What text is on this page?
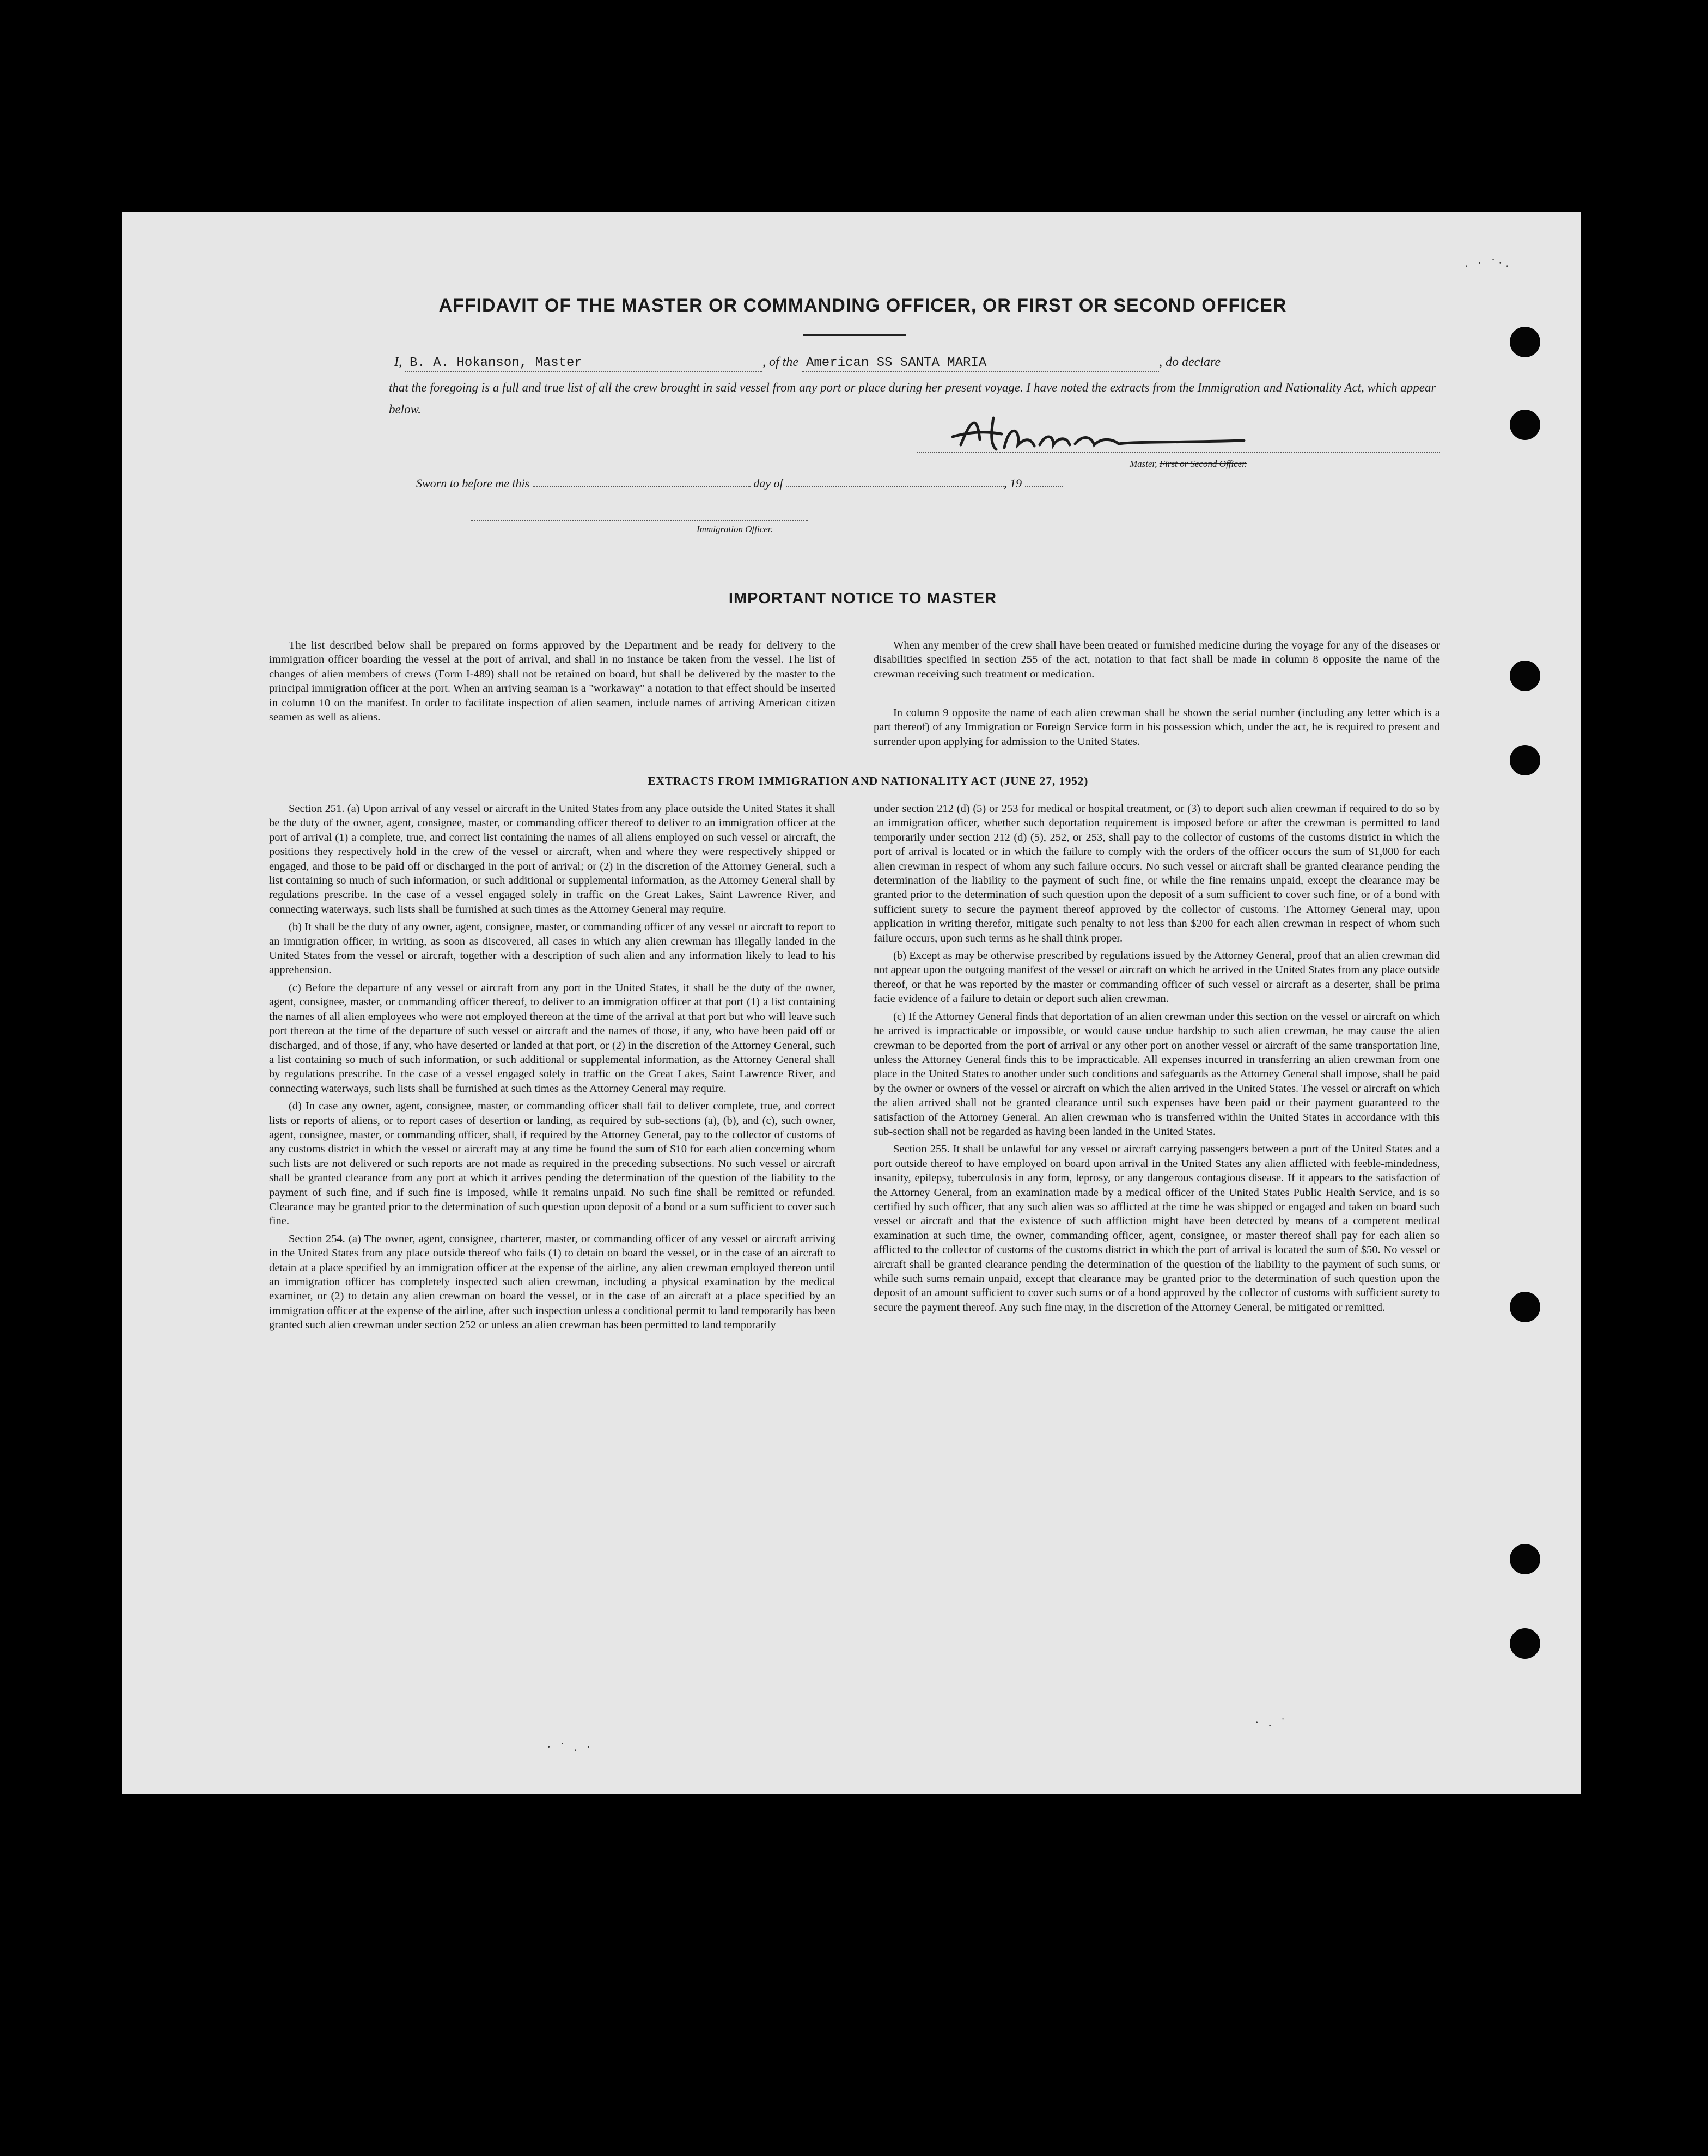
AFFIDAVIT OF THE MASTER OR COMMANDING OFFICER, OR FIRST OR SECOND OFFICER
I, B. A. Hokanson, Master	, of the American SS SANTA MARIA	, do declare

that the foregoing is a full and true list of all the crew brought in said vessel from any port or place during her present voyage. I have noted the extracts from the Immigration and Nationality Act, which appear below.

Master, First or Second Officer.
Sworn to before me this	day of	, 19
Immigration Officer.
IMPORTANT NOTICE TO MASTER

The list described below shall be prepared on forms approved by the Department and be ready for delivery to the immigration officer boarding the vessel at the port of arrival, and shall in no instance be taken from the vessel. The list of changes of alien members of crews (Form I-489) shall not be retained on board, but shall be delivered by the master to the principal immigration officer at the port. When an arriving seaman is a "workaway" a notation to that effect should be inserted in column 10 on the manifest. In order to facilitate inspection of alien seamen, include names of arriving American citizen seamen as well as aliens.

When any member of the crew shall have been treated or furnished medicine during the voyage for any of the diseases or disabilities specified in section 255 of the act, notation to that fact shall be made in column 8 opposite the name of the crewman receiving such treatment or medication.

In column 9 opposite the name of each alien crewman shall be shown the serial number (including any letter which is a part thereof) of any Immigration or Foreign Service form in his possession which, under the act, he is required to present and surrender upon applying for admission to the United States.

EXTRACTS FROM IMMIGRATION AND NATIONALITY ACT (JUNE 27, 1952)

Section 251. (a) Upon arrival of any vessel or aircraft in the United States from any place outside the United States it shall be the duty of the owner, agent, consignee, master, or commanding officer thereof to deliver to an immigration officer at the port of arrival (1) a complete, true, and correct list containing the names of all aliens employed on such vessel or aircraft, the positions they respectively hold in the crew of the vessel or aircraft, when and where they were respectively shipped or engaged, and those to be paid off or discharged in the port of arrival; or (2) in the discretion of the Attorney General, such a list containing so much of such information, or such additional or supplemental information, as the Attorney General shall by regulations prescribe. In the case of a vessel engaged solely in traffic on the Great Lakes, Saint Lawrence River, and connecting waterways, such lists shall be furnished at such times as the Attorney General may require.

(b) It shall be the duty of any owner, agent, consignee, master, or commanding officer of any vessel or aircraft to report to an immigration officer, in writing, as soon as discovered, all cases in which any alien crewman has illegally landed in the United States from the vessel or aircraft, together with a description of such alien and any information likely to lead to his apprehension.

(c) Before the departure of any vessel or aircraft from any port in the United States, it shall be the duty of the owner, agent, consignee, master, or commanding officer thereof, to deliver to an immigration officer at that port (1) a list containing the names of all alien employees who were not employed thereon at the time of the arrival at that port but who will leave such port thereon at the time of the departure of such vessel or aircraft and the names of those, if any, who have been paid off or discharged, and of those, if any, who have deserted or landed at that port, or (2) in the discretion of the Attorney General, such a list containing so much of such information, or such additional or supplemental information, as the Attorney General shall by regulations prescribe. In the case of a vessel engaged solely in traffic on the Great Lakes, Saint Lawrence River, and connecting waterways, such lists shall be furnished at such times as the Attorney General may require.

(d) In case any owner, agent, consignee, master, or commanding officer shall fail to deliver complete, true, and correct lists or reports of aliens, or to report cases of desertion or landing, as required by sub-sections (a), (b), and (c), such owner, agent, consignee, master, or commanding officer, shall, if required by the Attorney General, pay to the collector of customs of any customs district in which the vessel or aircraft may at any time be found the sum of $10 for each alien concerning whom such lists are not delivered or such reports are not made as required in the preceding subsections. No such vessel or aircraft shall be granted clearance from any port at which it arrives pending the determination of the question of the liability to the payment of such fine, and if such fine is imposed, while it remains unpaid. No such fine shall be remitted or refunded. Clearance may be granted prior to the determination of such question upon deposit of a bond or a sum sufficient to cover such fine.

Section 254. (a) The owner, agent, consignee, charterer, master, or commanding officer of any vessel or aircraft arriving in the United States from any place outside thereof who fails (1) to detain on board the vessel, or in the case of an aircraft to detain at a place specified by an immigration officer at the expense of the airline, any alien crewman employed thereon until an immigration officer has completely inspected such alien crewman, including a physical examination by the medical examiner, or (2) to detain any alien crewman on board the vessel, or in the case of an aircraft at a place specified by an immigration officer at the expense of the airline, after such inspection unless a conditional permit to land temporarily has been granted such alien crewman under section 252 or unless an alien crewman has been permitted to land temporarily

under section 212 (d) (5) or 253 for medical or hospital treatment, or (3) to deport such alien crewman if required to do so by an immigration officer, whether such deportation requirement is imposed before or after the crewman is permitted to land temporarily under section 212 (d) (5), 252, or 253, shall pay to the collector of customs of the customs district in which the port of arrival is located or in which the failure to comply with the orders of the officer occurs the sum of $1,000 for each alien crewman in respect of whom any such failure occurs. No such vessel or aircraft shall be granted clearance pending the determination of the liability to the payment of such fine, or while the fine remains unpaid, except the clearance may be granted prior to the determination of such question upon the deposit of a sum sufficient to cover such fine, or of a bond with sufficient surety to secure the payment thereof approved by the collector of customs. The Attorney General may, upon application in writing therefor, mitigate such penalty to not less than $200 for each alien crewman in respect of whom such failure occurs, upon such terms as he shall think proper.

(b) Except as may be otherwise prescribed by regulations issued by the Attorney General, proof that an alien crewman did not appear upon the outgoing manifest of the vessel or aircraft on which he arrived in the United States from any place outside thereof, or that he was reported by the master or commanding officer of such vessel or aircraft as a deserter, shall be prima facie evidence of a failure to detain or deport such alien crewman.

(c) If the Attorney General finds that deportation of an alien crewman under this section on the vessel or aircraft on which he arrived is impracticable or impossible, or would cause undue hardship to such alien crewman, he may cause the alien crewman to be deported from the port of arrival or any other port on another vessel or aircraft of the same transportation line, unless the Attorney General finds this to be impracticable. All expenses incurred in transferring an alien crewman from one place in the United States to another under such conditions and safeguards as the Attorney General shall impose, shall be paid by the owner or owners of the vessel or aircraft on which the alien arrived in the United States. The vessel or aircraft on which the alien arrived shall not be granted clearance until such expenses have been paid or their payment guaranteed to the satisfaction of the Attorney General. An alien crewman who is transferred within the United States in accordance with this sub-section shall not be regarded as having been landed in the United States.

Section 255. It shall be unlawful for any vessel or aircraft carrying passengers between a port of the United States and a port outside thereof to have employed on board upon arrival in the United States any alien afflicted with feeble-mindedness, insanity, epilepsy, tuberculosis in any form, leprosy, or any dangerous contagious disease. If it appears to the satisfaction of the Attorney General, from an examination made by a medical officer of the United States Public Health Service, and is so certified by such officer, that any such alien was so afflicted at the time he was shipped or engaged and taken on board such vessel or aircraft and that the existence of such affliction might have been detected by means of a competent medical examination at such time, the owner, commanding officer, agent, consignee, or master thereof shall pay for each alien so afflicted to the collector of customs of the customs district in which the port of arrival is located the sum of $50. No vessel or aircraft shall be granted clearance pending the determination of the question of the liability to the payment of such sums, or while such sums remain unpaid, except that clearance may be granted prior to the determination of such question upon the deposit of an amount sufficient to cover such sums or of a bond approved by the collector of customs with sufficient surety to secure the payment thereof. Any such fine may, in the discretion of the Attorney General, be mitigated or remitted.

· ˙ . ·
· . ˙
. · ˙·.
